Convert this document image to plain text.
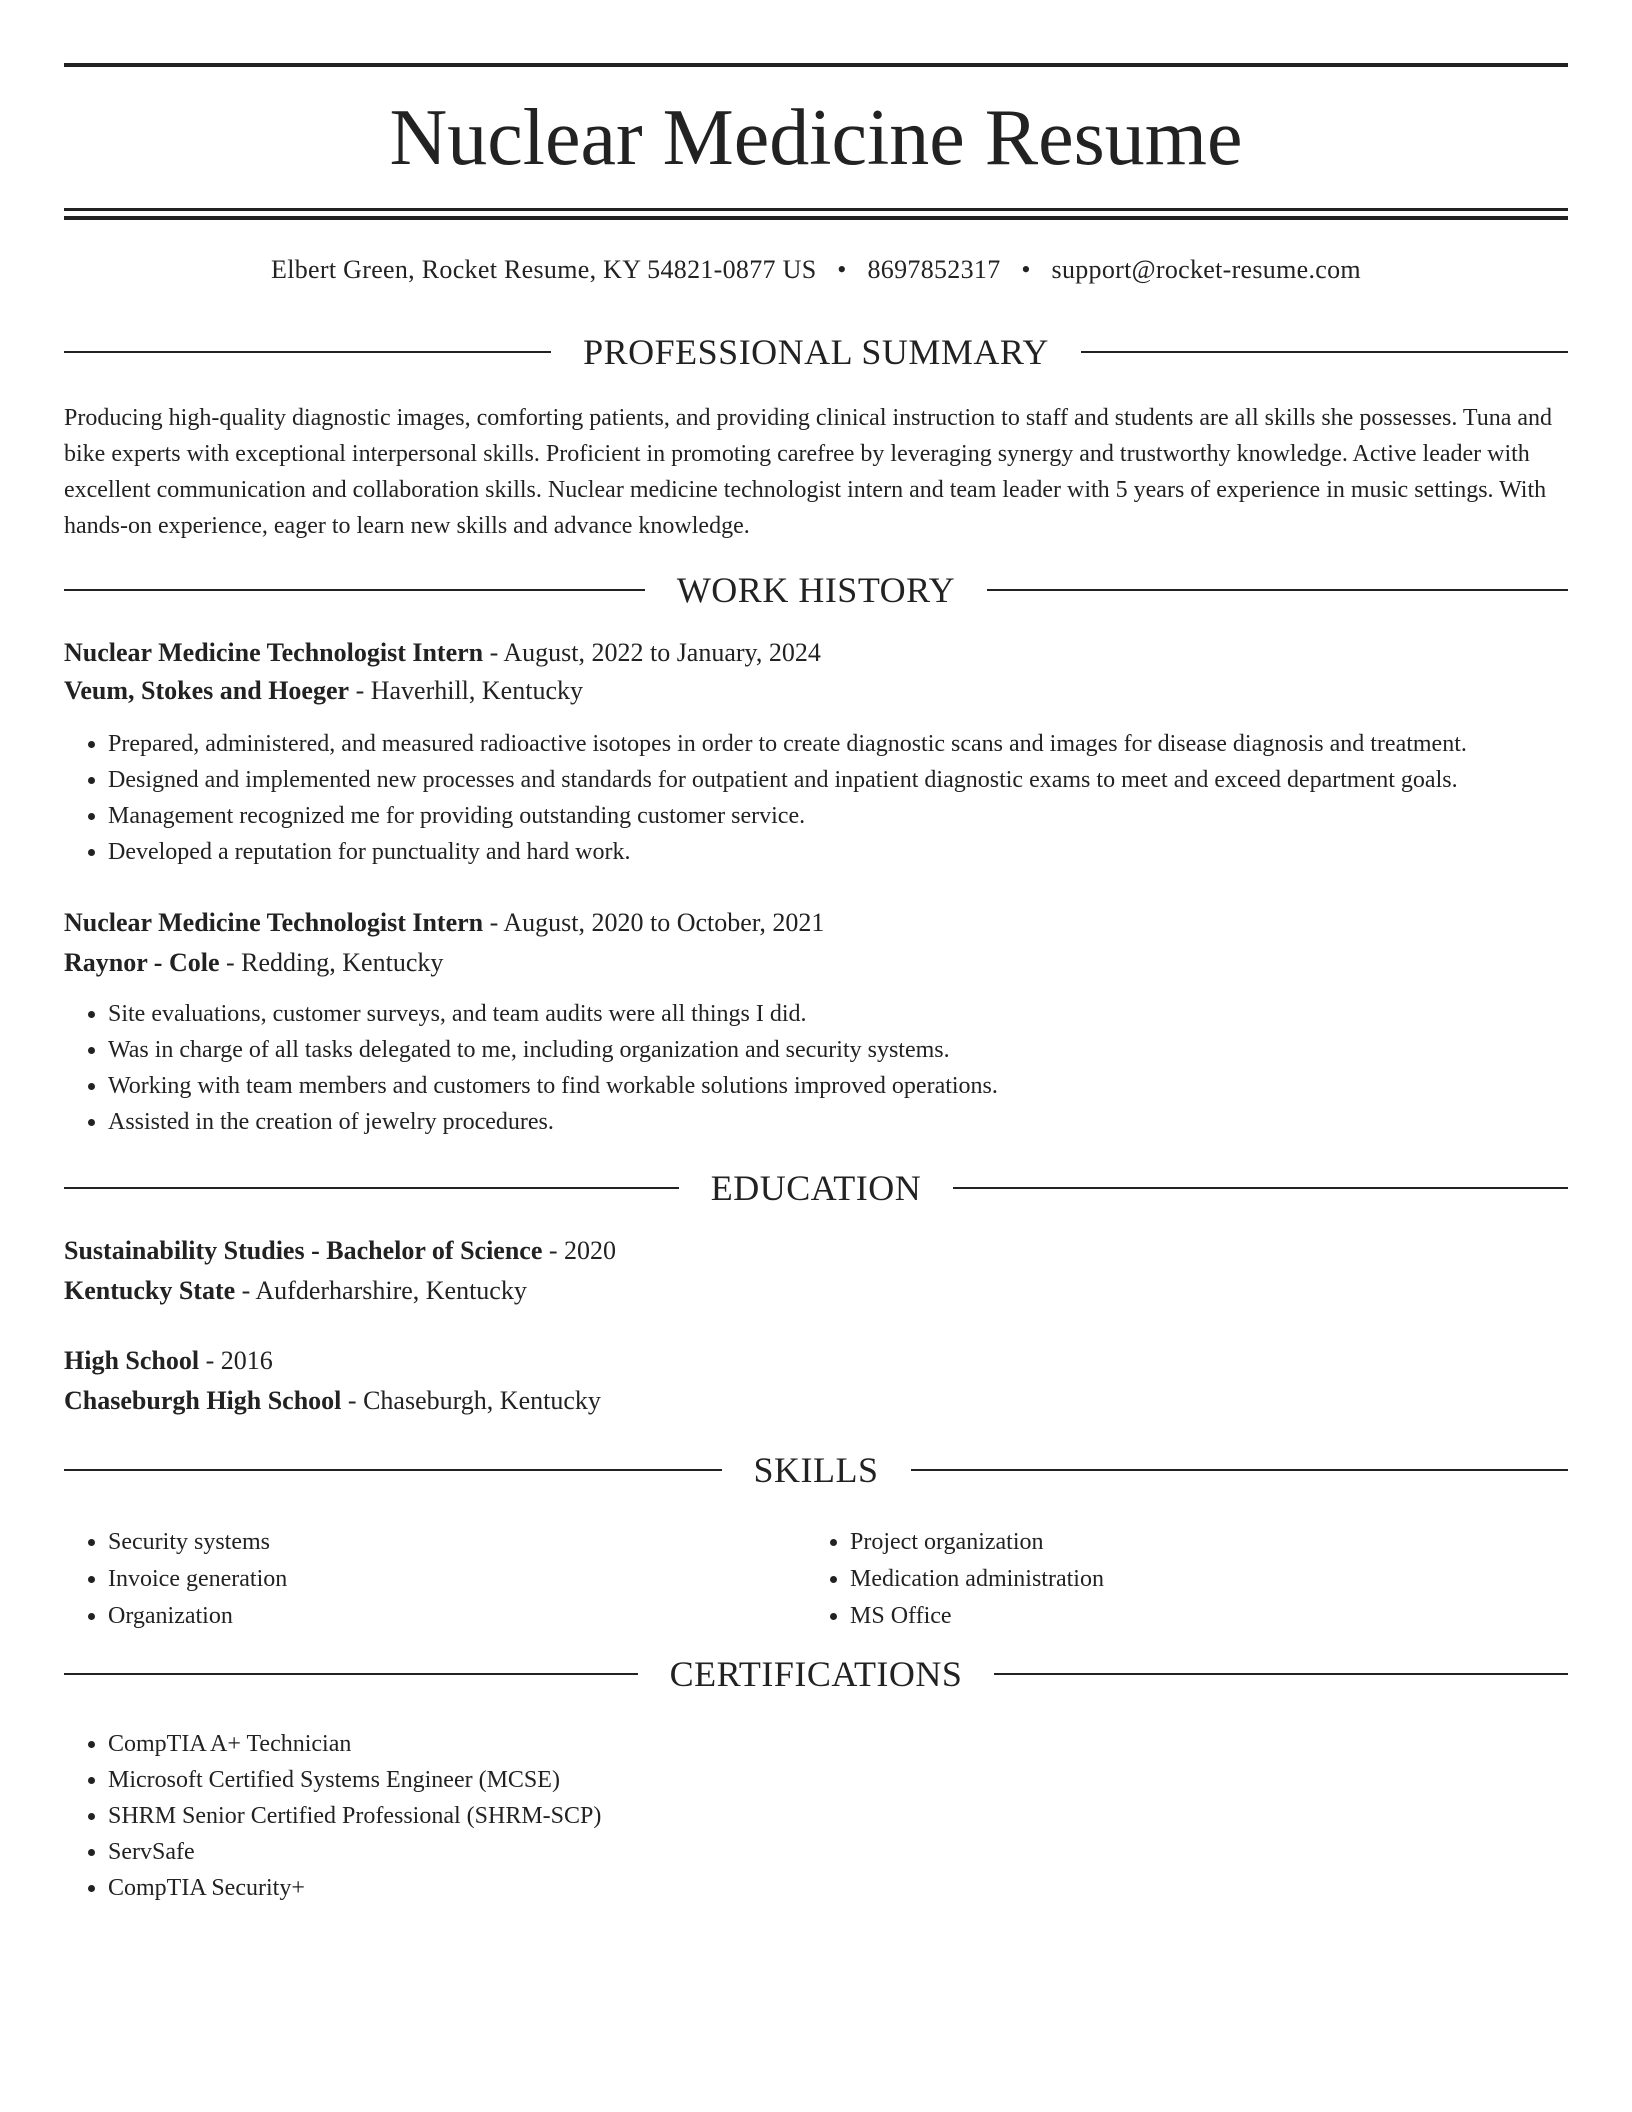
Nuclear Medicine Resume
Elbert Green, Rocket Resume, KY 54821-0877 US • 8697852317 • support@rocket-resume.com
PROFESSIONAL SUMMARY

Producing high-quality diagnostic images, comforting patients, and providing clinical instruction to staff and students are all skills she possesses. Tuna and bike experts with exceptional interpersonal skills. Proficient in promoting carefree by leveraging synergy and trustworthy knowledge. Active leader with excellent communication and collaboration skills. Nuclear medicine technologist intern and team leader with 5 years of experience in music settings. With hands-on experience, eager to learn new skills and advance knowledge.

WORK HISTORY
Nuclear Medicine Technologist Intern - August, 2022 to January, 2024
Veum, Stokes and Hoeger - Haverhill, Kentucky
• Prepared, administered, and measured radioactive isotopes in order to create diagnostic scans and images for disease diagnosis and treatment.
• Designed and implemented new processes and standards for outpatient and inpatient diagnostic exams to meet and exceed department goals.
• Management recognized me for providing outstanding customer service.
• Developed a reputation for punctuality and hard work.
Nuclear Medicine Technologist Intern - August, 2020 to October, 2021
Raynor - Cole - Redding, Kentucky
• Site evaluations, customer surveys, and team audits were all things I did.
• Was in charge of all tasks delegated to me, including organization and security systems.
• Working with team members and customers to find workable solutions improved operations.
• Assisted in the creation of jewelry procedures.
EDUCATION
Sustainability Studies - Bachelor of Science - 2020
Kentucky State - Aufderharshire, Kentucky
High School - 2016
Chaseburgh High School - Chaseburgh, Kentucky
SKILLS
• Security systems
• Invoice generation
• Organization
• Project organization
• Medication administration
• MS Office
CERTIFICATIONS
• CompTIA A+ Technician
• Microsoft Certified Systems Engineer (MCSE)
• SHRM Senior Certified Professional (SHRM-SCP)
• ServSafe
• CompTIA Security+
